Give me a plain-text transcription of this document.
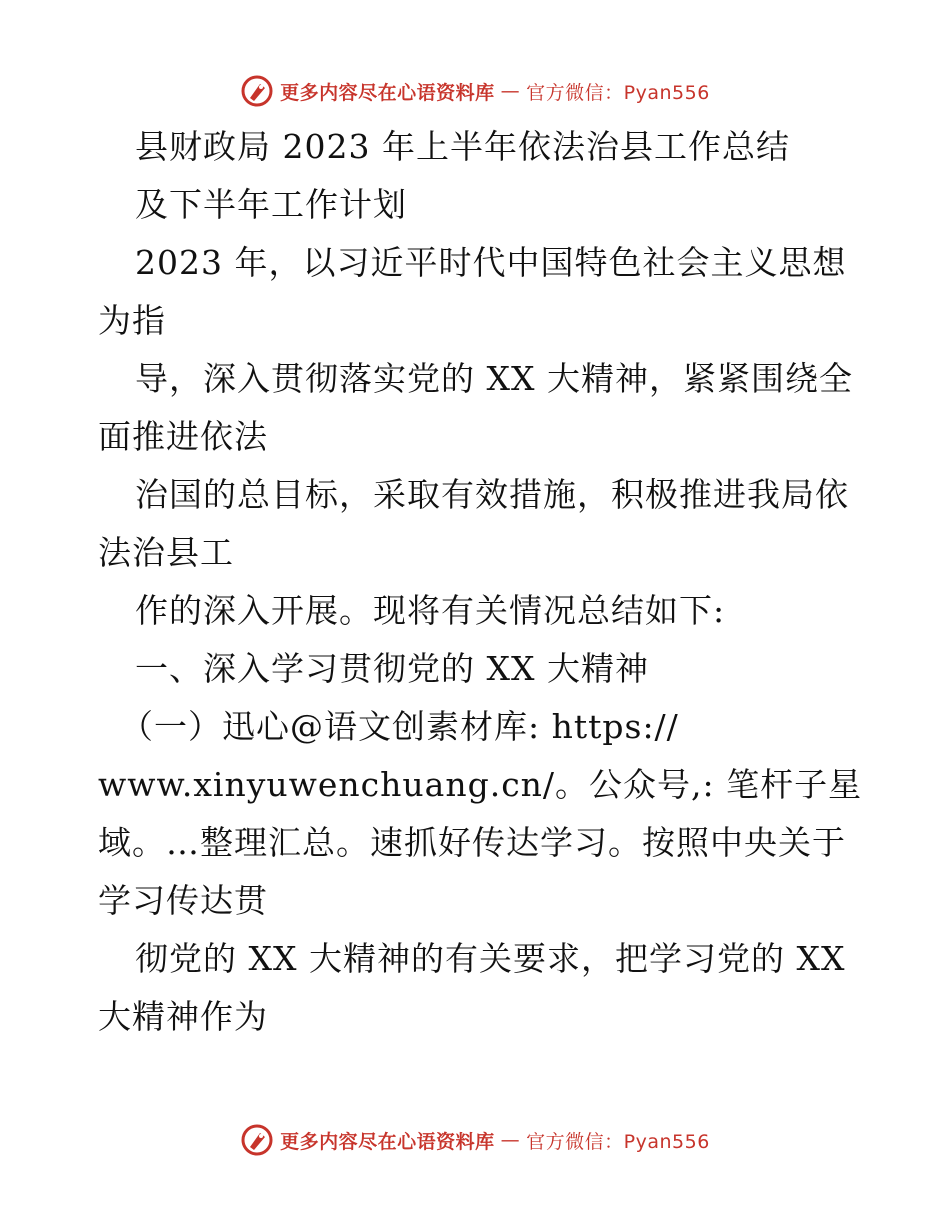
更多内容尽在心语资料库 — 官方微信：Pyan556
县财政局 2023 年上半年依法治县工作总结
及下半年工作计划
2023 年，以习近平时代中国特色社会主义思想
为指
导，深入贯彻落实党的 XX 大精神，紧紧围绕全
面推进依法
治国的总目标，采取有效措施，积极推进我局依
法治县工
作的深入开展。现将有关情况总结如下:
一、深入学习贯彻党的 XX 大精神
（一）迅心@语文创素材库: https://
www.xinyuwenchuang.cn/。公众号,: 笔杆子星
域。…整理汇总。速抓好传达学习。按照中央关于
学习传达贯
彻党的 XX 大精神的有关要求，把学习党的 XX
大精神作为
更多内容尽在心语资料库 — 官方微信：Pyan556
